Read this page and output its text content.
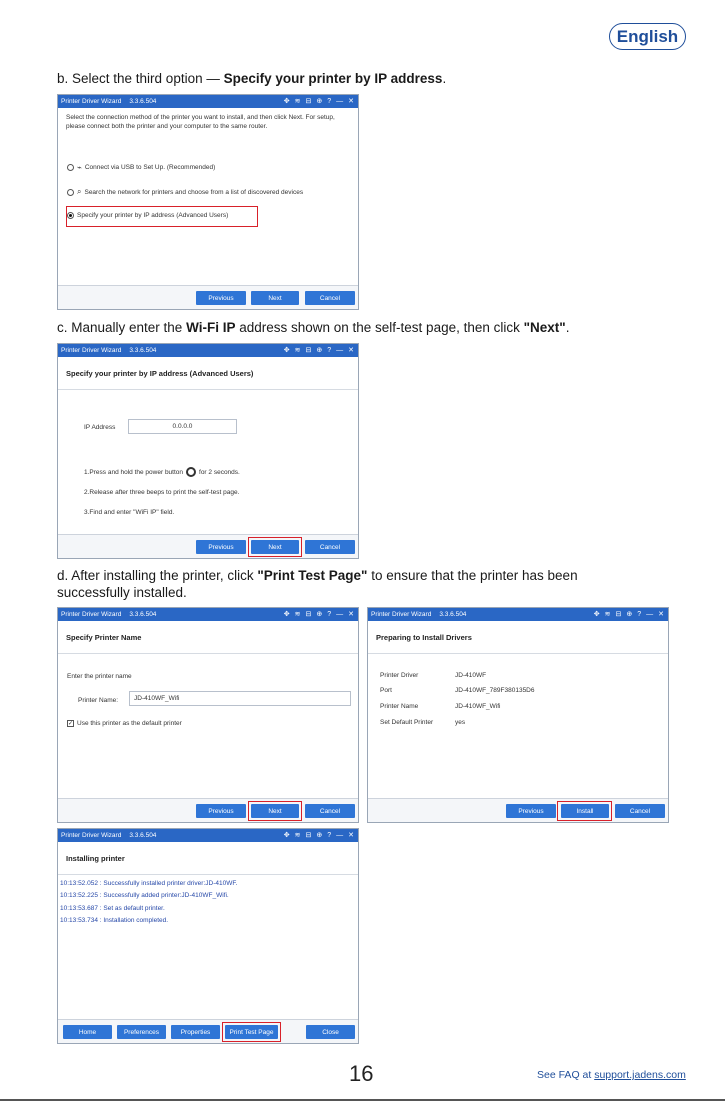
English
b. Select the third option — Specify your printer by IP address.
Printer Driver Wizard 3.3.6.504	✥ ≋ ⊟ ⊕ ? — ✕
Select the connection method of the printer you want to install, and then click Next. For setup, please connect both the printer and your computer to the same router.
⌁ Connect via USB to Set Up. (Recommended)
⌕ Search the network for printers and choose from a list of discovered devices
Specify your printer by IP address (Advanced Users)
Previous	Next	Cancel
c. Manually enter the Wi-Fi IP address shown on the self-test page, then click "Next".
Printer Driver Wizard 3.3.6.504	✥ ≋ ⊟ ⊕ ? — ✕
Specify your printer by IP address (Advanced Users)
IP Address	0.0.0.0
1.Press and hold the power button for 2 seconds.
2.Release after three beeps to print the self-test page.
3.Find and enter "WiFi IP" field.
Previous	Next	Cancel
d. After installing the printer, click "Print Test Page" to ensure that the printer has been
successfully installed.
Printer Driver Wizard 3.3.6.504	✥ ≋ ⊟ ⊕ ? — ✕
Specify Printer Name
Enter the printer name
Printer Name:	JD-410WF_Wifi
✓ Use this printer as the default printer
Previous	Next	Cancel
Printer Driver Wizard 3.3.6.504	✥ ≋ ⊟ ⊕ ? — ✕
Preparing to Install Drivers
Printer Driver	JD-410WF
Port	JD-410WF_789F380135D6
Printer Name	JD-410WF_Wifi
Set Default Printer	yes
Previous	Install	Cancel
Printer Driver Wizard 3.3.6.504	✥ ≋ ⊟ ⊕ ? — ✕
Installing printer
10:13:52.052 : Successfully installed printer driver:JD-410WF.
10:13:52.225 : Successfully added printer:JD-410WF_Wifi.
10:13:53.687 : Set as default printer.
10:13:53.734 : Installation completed.
Home	Preferences	Properties	Print Test Page	Close
16	See FAQ at support.jadens.com
